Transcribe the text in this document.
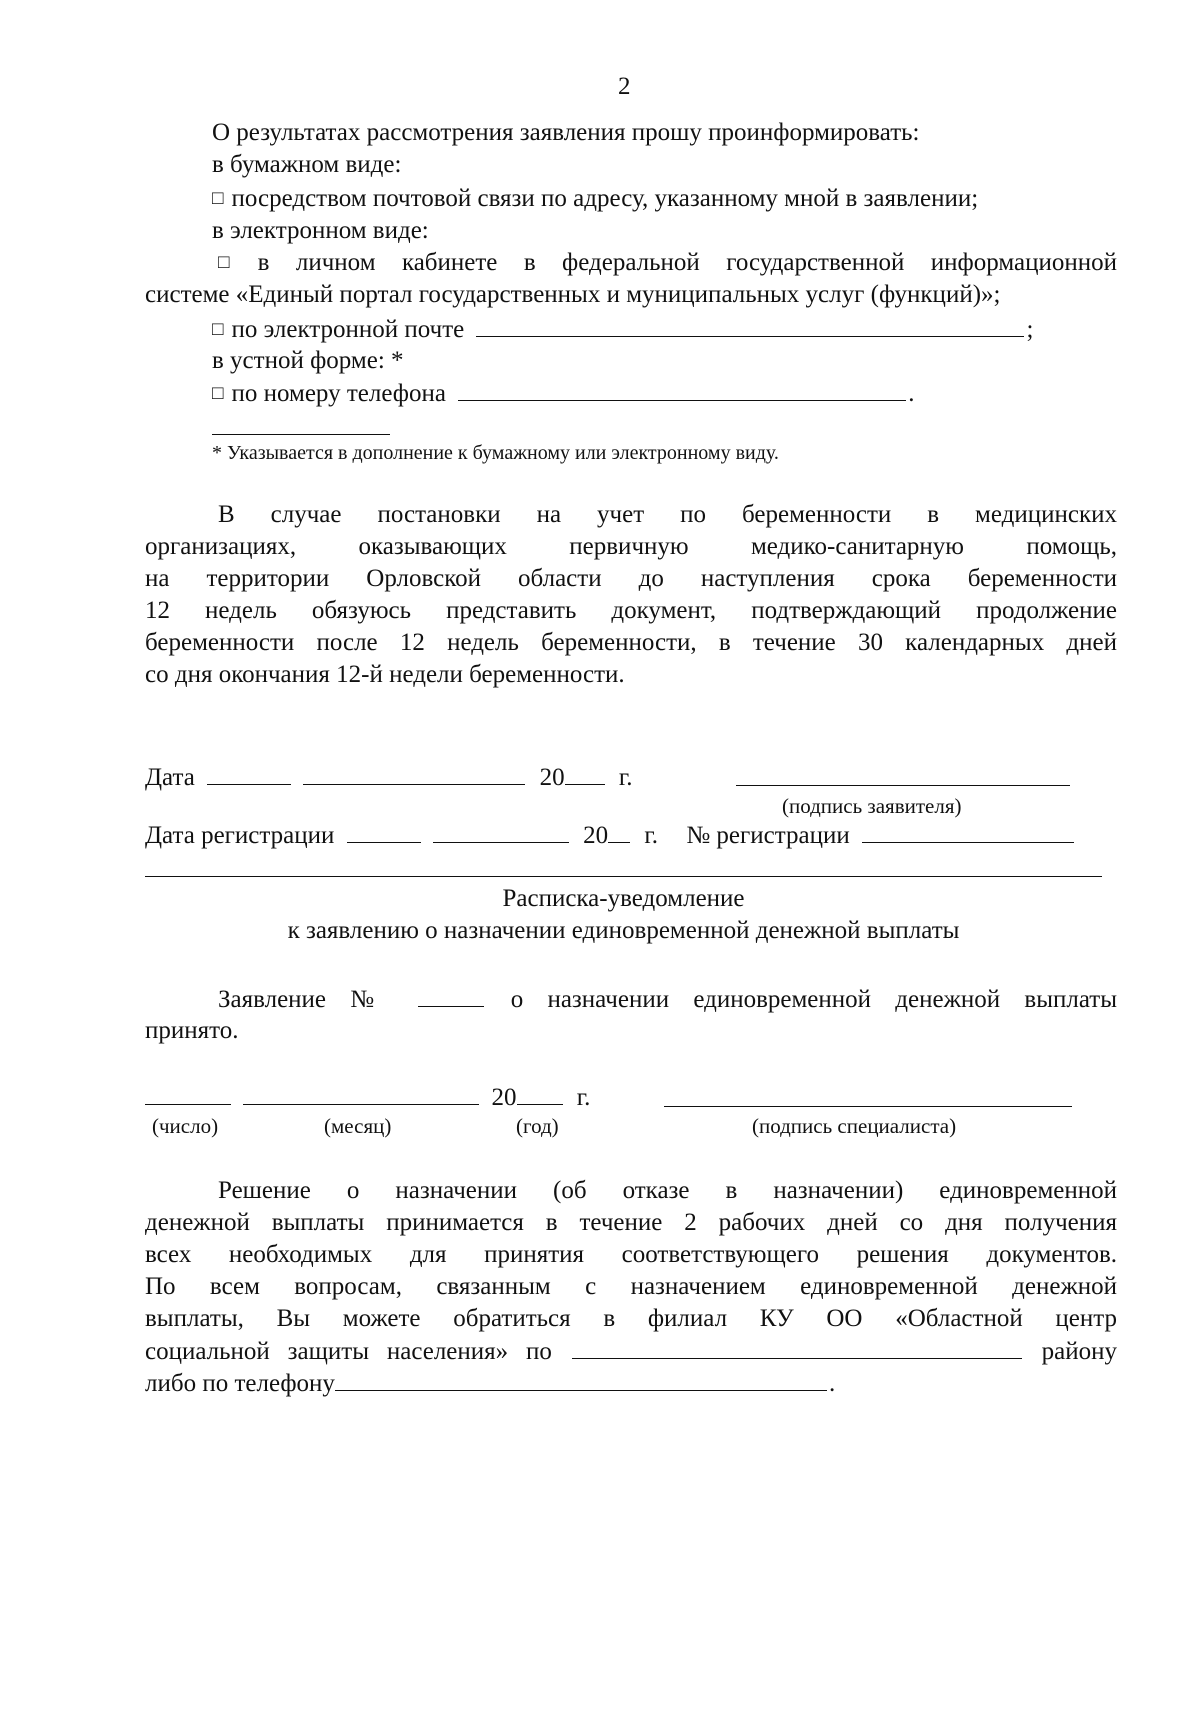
2
О результатах рассмотрения заявления прошу проинформировать:
в бумажном виде:
□ посредством почтовой связи по адресу, указанному мной в заявлении;
в электронном виде:
□ в личном кабинете в федеральной государственной информационной
системе «Единый портал государственных и муниципальных услуг (функций)»;
□ по электронной почте	;
в устной форме: *
□ по номеру телефона	.
* Указывается в дополнение к бумажному или электронному виду.
В случае постановки на учет по беременности в медицинских
организациях, оказывающих первичную медико-санитарную помощь,
на территории Орловской области до наступления срока беременности
12 недель обязуюсь представить документ, подтверждающий продолжение
беременности после 12 недель беременности, в течение 30 календарных дней
со дня окончания 12-й недели беременности.
Дата	20 г.
(подпись заявителя)
Дата регистрации	20 г. № регистрации
Расписка-уведомление
к заявлению о назначении единовременной денежной выплаты
Заявление №	о назначении единовременной денежной выплаты
принято.
20 г.
(число)	(месяц)	(год)	(подпись специалиста)
Решение о назначении (об отказе в назначении) единовременной
денежной выплаты принимается в течение 2 рабочих дней со дня получения
всех необходимых для принятия соответствующего решения документов.
По всем вопросам, связанным с назначением единовременной денежной
выплаты, Вы можете обратиться в филиал КУ ОО «Областной центр
социальной защиты населения» по	району
либо по телефону	.
